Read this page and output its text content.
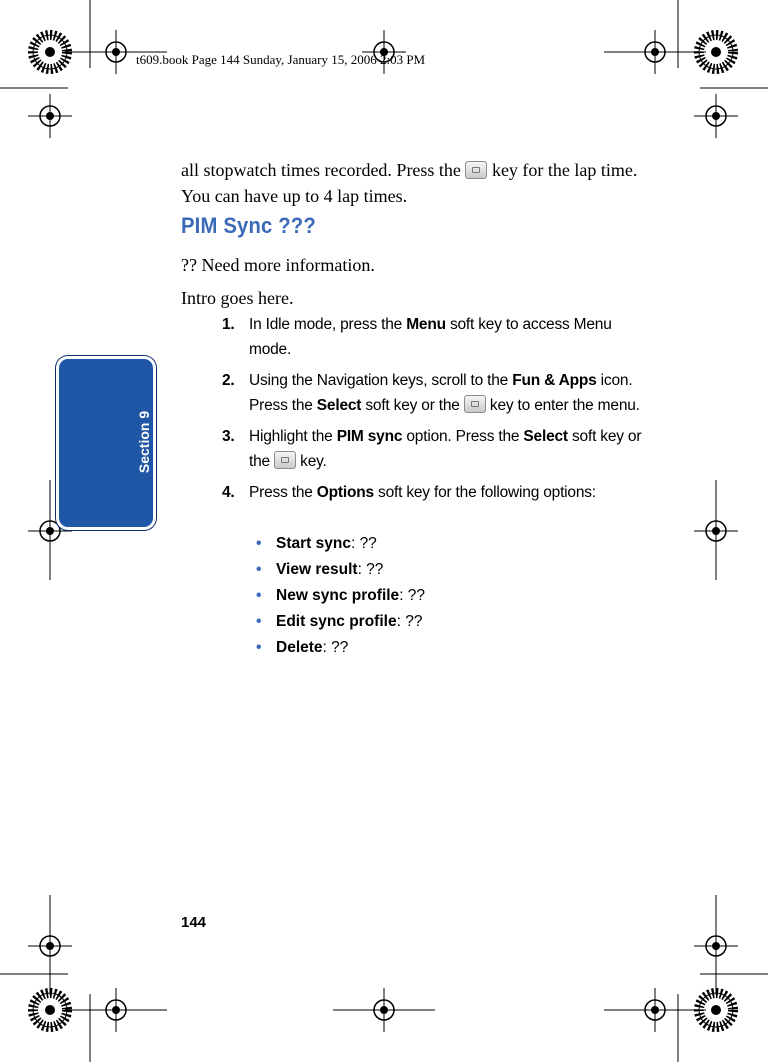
t609.book Page 144 Sunday, January 15, 2006 2:03 PM
Section 9
all stopwatch times recorded. Press the  key for the lap time. You can have up to 4 lap times.
PIM Sync ???
?? Need more information.
Intro goes here.
1. In Idle mode, press the Menu soft key to access Menu mode.
2. Using the Navigation keys, scroll to the Fun & Apps icon. Press the Select soft key or the  key to enter the menu.
3. Highlight the PIM sync option. Press the Select soft key or the  key.
4. Press the Options soft key for the following options:
• Start sync: ??
• View result: ??
• New sync profile: ??
• Edit sync profile: ??
• Delete: ??
144
